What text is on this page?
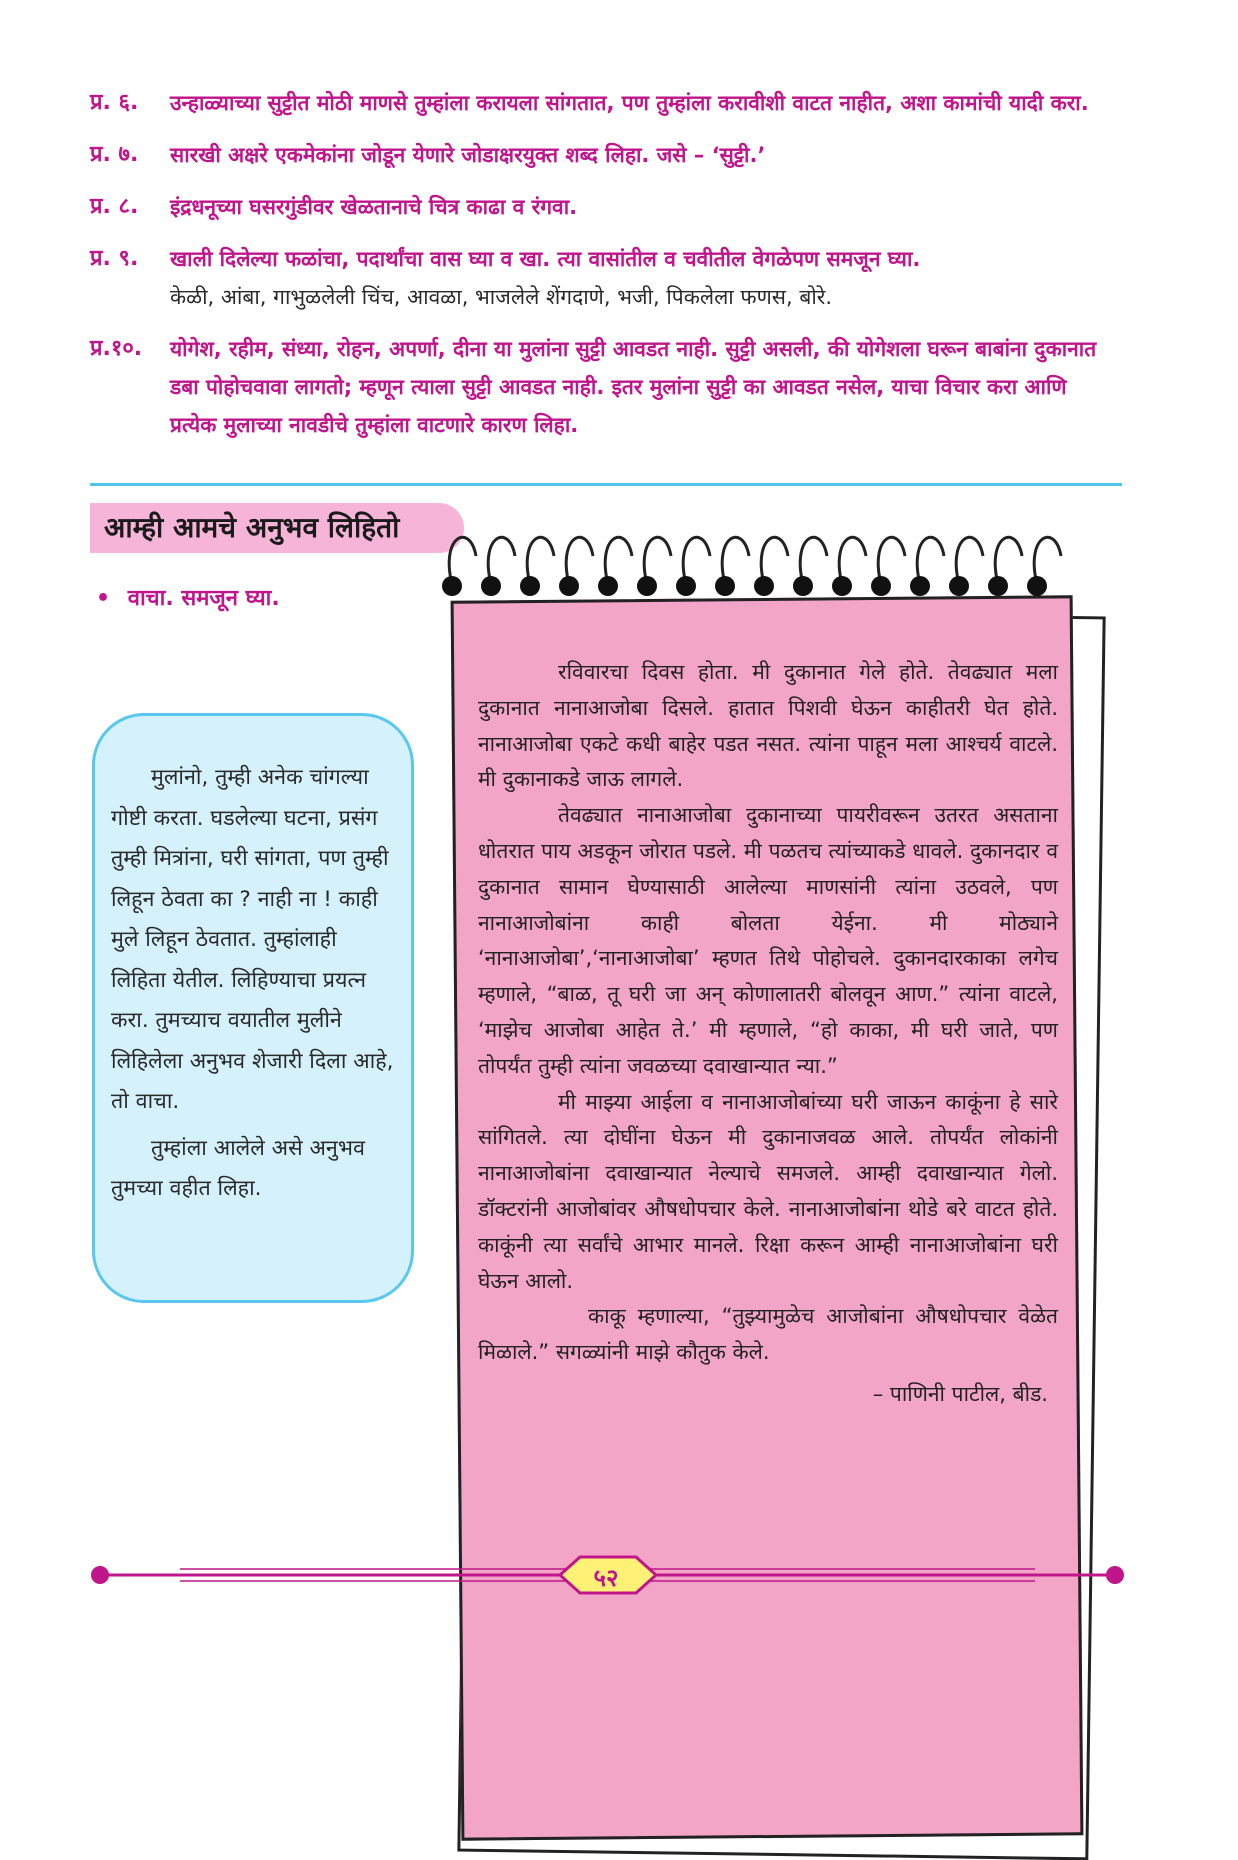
प्र. ६.	उन्हाळ्याच्या सुट्टीत मोठी माणसे तुम्हांला करायला सांगतात, पण तुम्हांला करावीशी वाटत नाहीत, अशा कामांची यादी करा.
प्र. ७.	सारखी अक्षरे एकमेकांना जोडून येणारे जोडाक्षरयुक्त शब्द लिहा. जसे – ‘सुट्टी.’
प्र. ८.	इंद्रधनूच्या घसरगुंडीवर खेळतानाचे चित्र काढा व रंगवा.
प्र. ९.	खाली दिलेल्या फळांचा, पदार्थांचा वास घ्या व खा. त्या वासांतील व चवीतील वेगळेपण समजून घ्या.
केळी, आंबा, गाभुळलेली चिंच, आवळा, भाजलेले शेंगदाणे, भजी, पिकलेला फणस, बोरे.
प्र.१०.	योगेश, रहीम, संध्या, रोहन, अपर्णा, दीना या मुलांना सुट्टी आवडत नाही. सुट्टी असली, की योगेशला घरून बाबांना दुकानात डबा पोहोचवावा लागतो; म्हणून त्याला सुट्टी आवडत नाही. इतर मुलांना सुट्टी का आवडत नसेल, याचा विचार करा आणि प्रत्येक मुलाच्या नावडीचे तुम्हांला वाटणारे कारण लिहा.
आम्ही आमचे अनुभव लिहितो
• वाचा. समजून घ्या.

मुलांनो, तुम्ही अनेक चांगल्या गोष्टी करता. घडलेल्या घटना, प्रसंग तुम्ही मित्रांना, घरी सांगता, पण तुम्ही लिहून ठेवता का ? नाही ना ! काही मुले लिहून ठेवतात. तुम्हांलाही लिहिता येतील. लिहिण्याचा प्रयत्न करा. तुमच्याच वयातील मुलीने लिहिलेला अनुभव शेजारी दिला आहे, तो वाचा.

तुम्हांला आलेले असे अनुभव तुमच्या वहीत लिहा.

रविवारचा दिवस होता. मी दुकानात गेले होते. तेवढ्यात मला दुकानात नानाआजोबा दिसले. हातात पिशवी घेऊन काहीतरी घेत होते. नानाआजोबा एकटे कधी बाहेर पडत नसत. त्यांना पाहून मला आश्चर्य वाटले. मी दुकानाकडे जाऊ लागले.

तेवढ्यात नानाआजोबा दुकानाच्या पायरीवरून उतरत असताना धोतरात पाय अडकून जोरात पडले. मी पळतच त्यांच्याकडे धावले. दुकानदार व दुकानात सामान घेण्यासाठी आलेल्या माणसांनी त्यांना उठवले, पण नानाआजोबांना काही बोलता येईना. मी मोठ्याने ‘नानाआजोबा’,‘नानाआजोबा’ म्हणत तिथे पोहोचले. दुकानदारकाका लगेच म्हणाले, “बाळ, तू घरी जा अन् कोणालातरी बोलवून आण.” त्यांना वाटले, ‘माझेच आजोबा आहेत ते.’ मी म्हणाले, “हो काका, मी घरी जाते, पण तोपर्यंत तुम्ही त्यांना जवळच्या दवाखान्यात न्या.”

मी माझ्या आईला व नानाआजोबांच्या घरी जाऊन काकूंना हे सारे सांगितले. त्या दोघींना घेऊन मी दुकानाजवळ आले. तोपर्यंत लोकांनी नानाआजोबांना दवाखान्यात नेल्याचे समजले. आम्ही दवाखान्यात गेलो. डॉक्टरांनी आजोबांवर औषधोपचार केले. नानाआजोबांना थोडे बरे वाटत होते. काकूंनी त्या सर्वांचे आभार मानले. रिक्षा करून आम्ही नानाआजोबांना घरी घेऊन आलो.

काकू म्हणाल्या, “तुझ्यामुळेच आजोबांना औषधोपचार वेळेत मिळाले.” सगळ्यांनी माझे कौतुक केले.

– पाणिनी पाटील, बीड.

५२
